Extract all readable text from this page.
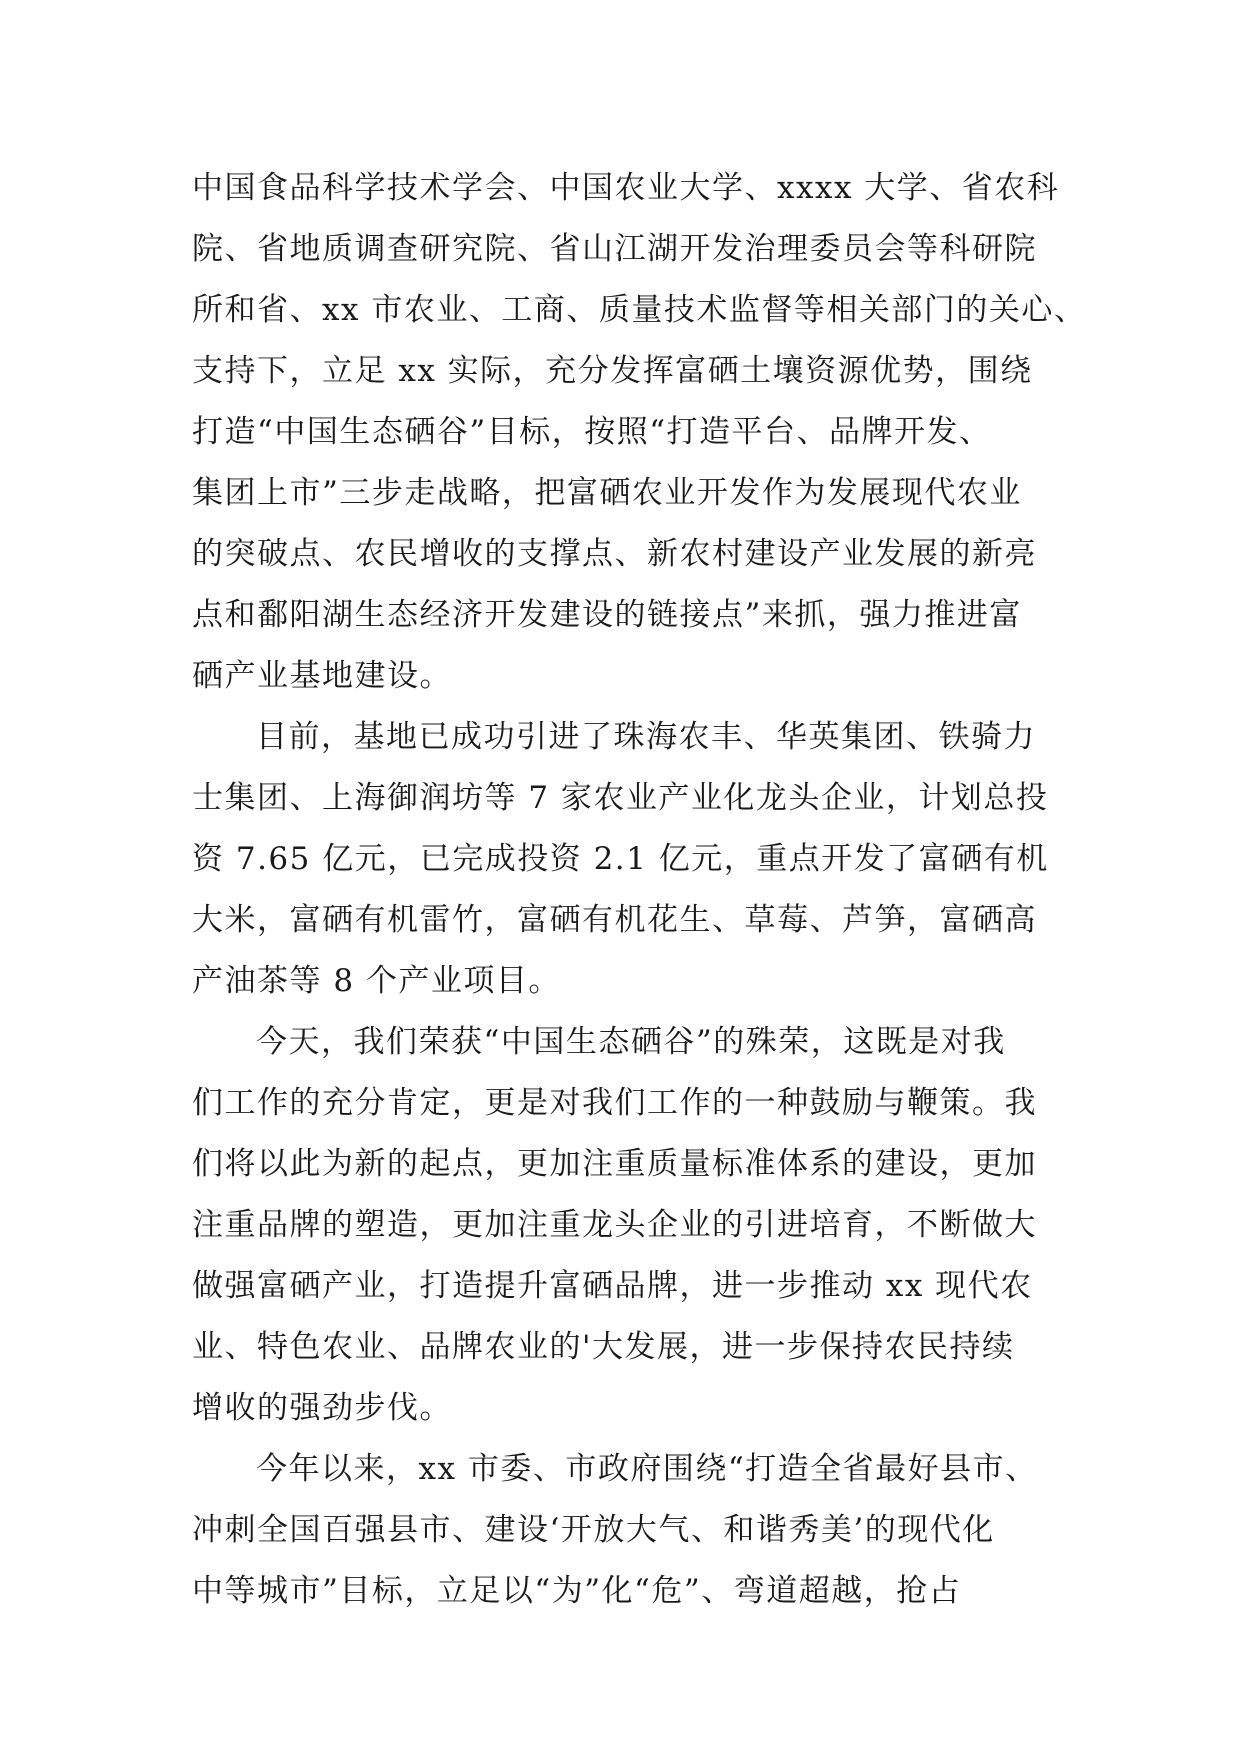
中国食品科学技术学会、中国农业大学、xxxx 大学、省农科
院、省地质调查研究院、省山江湖开发治理委员会等科研院
所和省、xx 市农业、工商、质量技术监督等相关部门的关心、
支持下，立足 xx 实际，充分发挥富硒土壤资源优势，围绕
打造“中国生态硒谷”目标，按照“打造平台、品牌开发、
集团上市”三步走战略，把富硒农业开发作为发展现代农业
的突破点、农民增收的支撑点、新农村建设产业发展的新亮
点和鄱阳湖生态经济开发建设的链接点”来抓，强力推进富
硒产业基地建设。
目前，基地已成功引进了珠海农丰、华英集团、铁骑力
士集团、上海御润坊等 7 家农业产业化龙头企业，计划总投
资 7.65 亿元，已完成投资 2.1 亿元，重点开发了富硒有机
大米，富硒有机雷竹，富硒有机花生、草莓、芦笋，富硒高
产油茶等 8 个产业项目。
今天，我们荣获“中国生态硒谷”的殊荣，这既是对我
们工作的充分肯定，更是对我们工作的一种鼓励与鞭策。我
们将以此为新的起点，更加注重质量标准体系的建设，更加
注重品牌的塑造，更加注重龙头企业的引进培育，不断做大
做强富硒产业，打造提升富硒品牌，进一步推动 xx 现代农
业、特色农业、品牌农业的'大发展，进一步保持农民持续
增收的强劲步伐。
今年以来，xx 市委、市政府围绕“打造全省最好县市、
冲刺全国百强县市、建设‘开放大气、和谐秀美’的现代化
中等城市”目标，立足以“为”化“危”、弯道超越，抢占
